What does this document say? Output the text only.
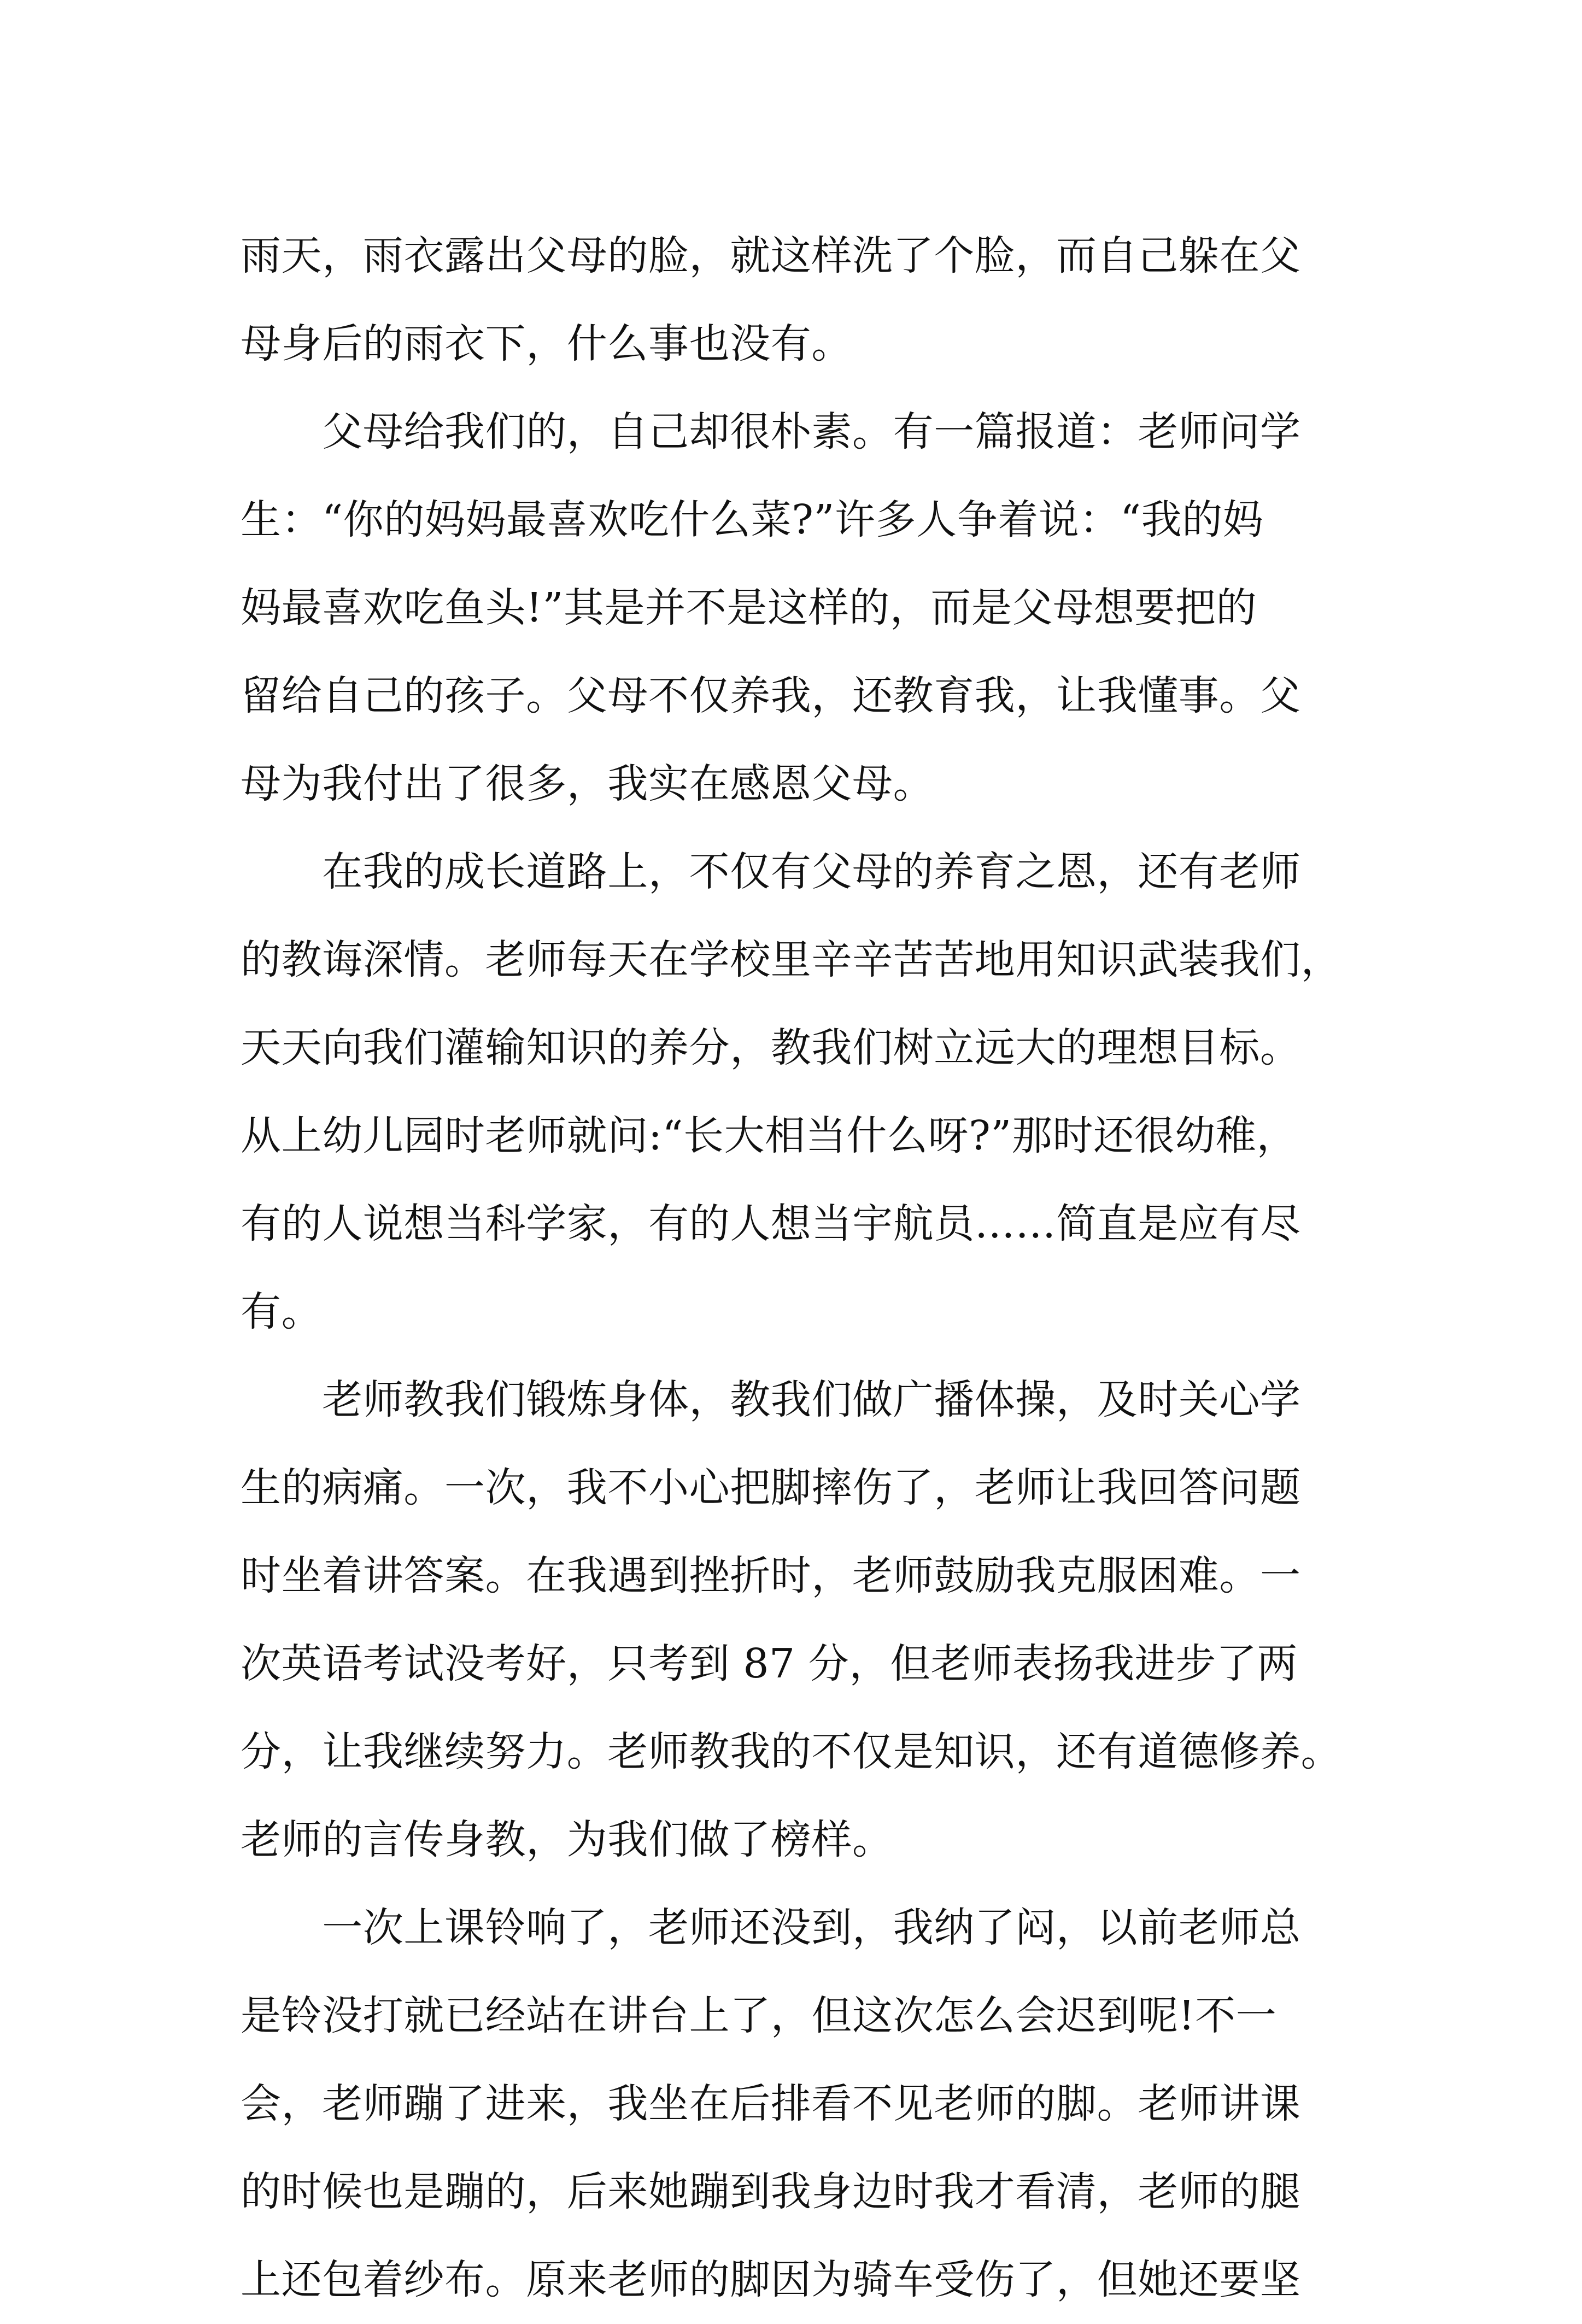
雨天，雨衣露出父母的脸，就这样洗了个脸，而自己躲在父
母身后的雨衣下，什么事也没有。
　　父母给我们的，自己却很朴素。有一篇报道：老师问学
生：“你的妈妈最喜欢吃什么菜?”许多人争着说：“我的妈
妈最喜欢吃鱼头!”其是并不是这样的，而是父母想要把的
留给自己的孩子。父母不仅养我，还教育我，让我懂事。父
母为我付出了很多，我实在感恩父母。
　　在我的成长道路上，不仅有父母的养育之恩，还有老师
的教诲深情。老师每天在学校里辛辛苦苦地用知识武装我们，
天天向我们灌输知识的养分，教我们树立远大的理想目标。
从上幼儿园时老师就问:“长大相当什么呀?”那时还很幼稚，
有的人说想当科学家，有的人想当宇航员……简直是应有尽
有。
　　老师教我们锻炼身体，教我们做广播体操，及时关心学
生的病痛。一次，我不小心把脚摔伤了，老师让我回答问题
时坐着讲答案。在我遇到挫折时，老师鼓励我克服困难。一
次英语考试没考好，只考到 87 分，但老师表扬我进步了两
分，让我继续努力。老师教我的不仅是知识，还有道德修养。
老师的言传身教，为我们做了榜样。
　　一次上课铃响了，老师还没到，我纳了闷，以前老师总
是铃没打就已经站在讲台上了，但这次怎么会迟到呢!不一
会，老师蹦了进来，我坐在后排看不见老师的脚。老师讲课
的时候也是蹦的，后来她蹦到我身边时我才看清，老师的腿
上还包着纱布。原来老师的脚因为骑车受伤了，但她还要坚
